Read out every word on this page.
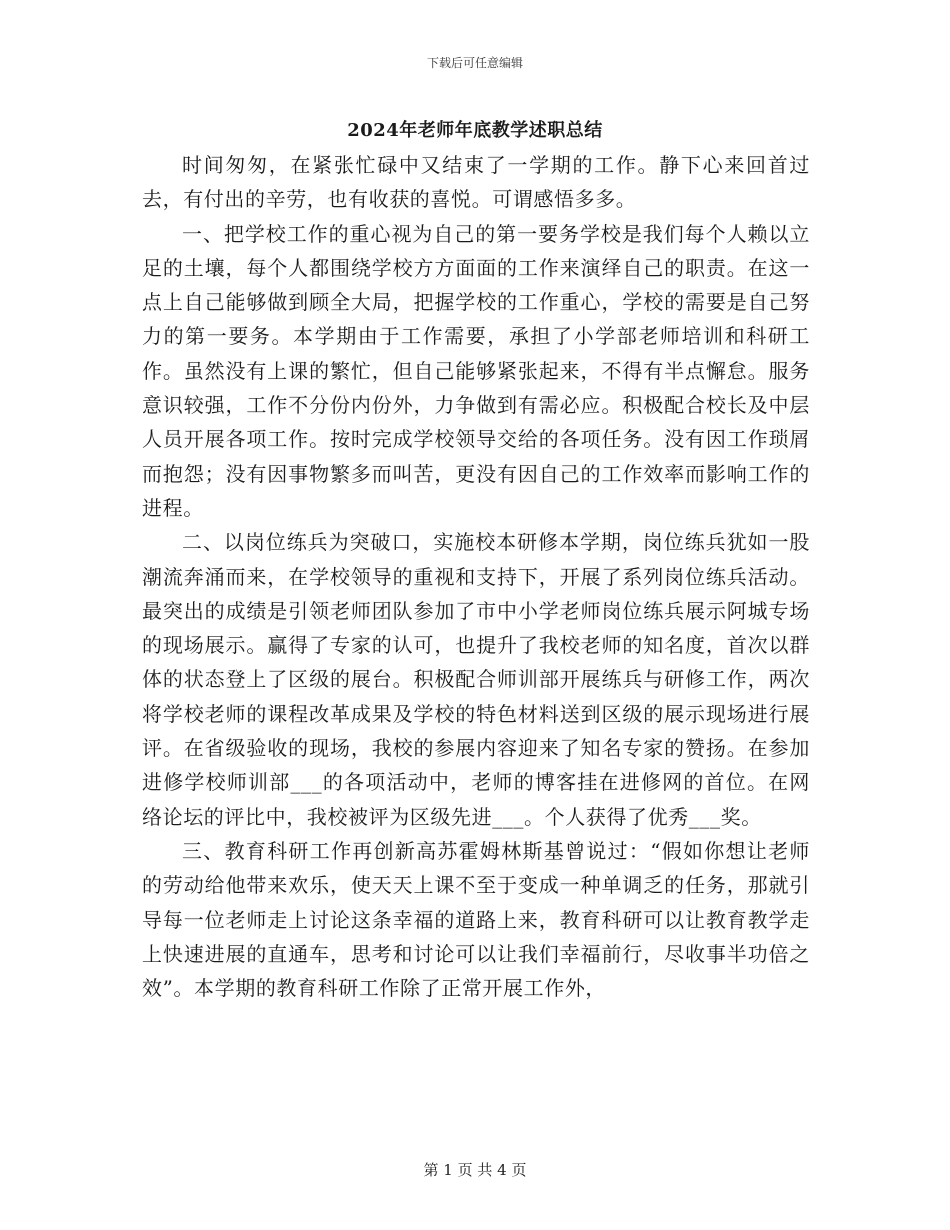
下载后可任意编辑
2024年老师年底教学述职总结

时间匆匆，在紧张忙碌中又结束了一学期的工作。静下心来回首过去，有付出的辛劳，也有收获的喜悦。可谓感悟多多。

一、把学校工作的重心视为自己的第一要务学校是我们每个人赖以立足的土壤，每个人都围绕学校方方面面的工作来演绎自己的职责。在这一点上自己能够做到顾全大局，把握学校的工作重心，学校的需要是自己努力的第一要务。本学期由于工作需要，承担了小学部老师培训和科研工作。虽然没有上课的繁忙，但自己能够紧张起来，不得有半点懈怠。服务意识较强，工作不分份内份外，力争做到有需必应。积极配合校长及中层人员开展各项工作。按时完成学校领导交给的各项任务。没有因工作琐屑而抱怨；没有因事物繁多而叫苦，更没有因自己的工作效率而影响工作的进程。

二、以岗位练兵为突破口，实施校本研修本学期，岗位练兵犹如一股潮流奔涌而来，在学校领导的重视和支持下，开展了系列岗位练兵活动。最突出的成绩是引领老师团队参加了市中小学老师岗位练兵展示阿城专场的现场展示。赢得了专家的认可，也提升了我校老师的知名度，首次以群体的状态登上了区级的展台。积极配合师训部开展练兵与研修工作，两次将学校老师的课程改革成果及学校的特色材料送到区级的展示现场进行展评。在省级验收的现场，我校的参展内容迎来了知名专家的赞扬。在参加进修学校师训部___的各项活动中，老师的博客挂在进修网的首位。在网络论坛的评比中，我校被评为区级先进___。个人获得了优秀___奖。

三、教育科研工作再创新高苏霍姆林斯基曾说过：“假如你想让老师的劳动给他带来欢乐，使天天上课不至于变成一种单调乏的任务，那就引导每一位老师走上讨论这条幸福的道路上来，教育科研可以让教育教学走上快速进展的直通车，思考和讨论可以让我们幸福前行，尽收事半功倍之效”。本学期的教育科研工作除了正常开展工作外，

第 1 页 共 4 页
